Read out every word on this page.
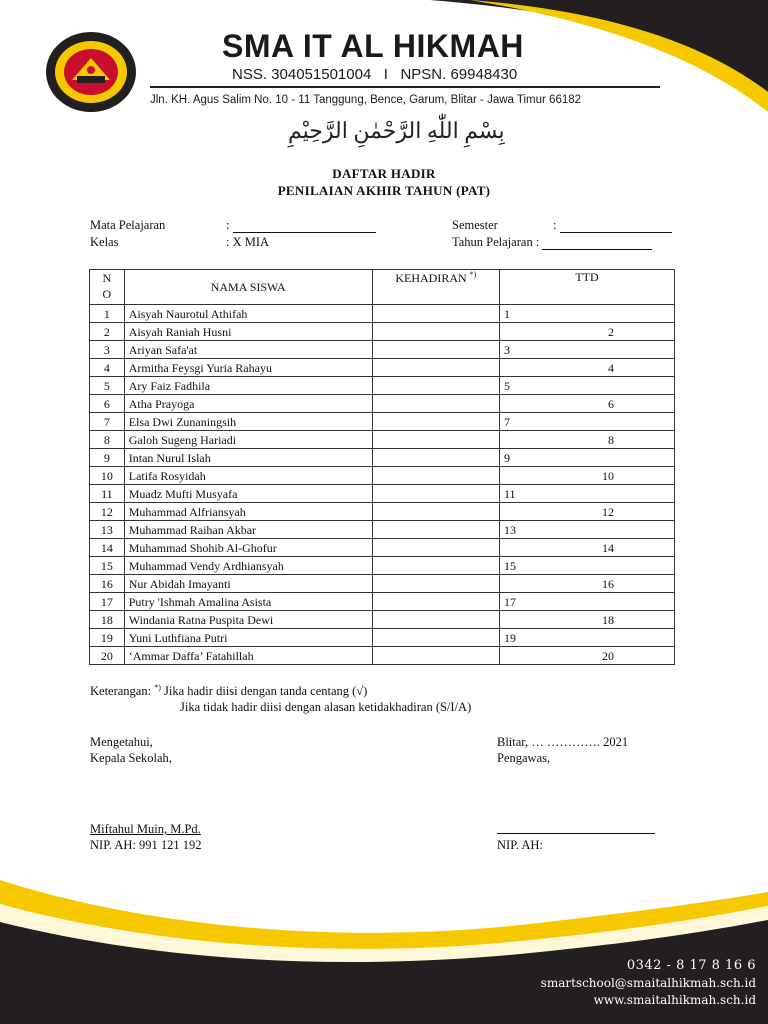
SMA IT AL HIKMAH
NSS. 304051501004   I   NPSN. 69948430
Jln. KH. Agus Salim No. 10 - 11 Tanggung, Bence, Garum, Blitar - Jawa Timur 66182
بِسْمِ اللّٰهِ الرَّحْمٰنِ الرَّحِيْمِ
DAFTAR HADIR
PENILAIAN AKHIR TAHUN (PAT)
Mata Pelajaran	:
Kelas	: X MIA
Semester	:
Tahun Pelajaran :
N O	NAMA SISWA	KEHADIRAN *)	TTD
1	Aisyah Naurotul Athifah		1
2	Aisyah Raniah Husni		2
3	Ariyan Safa'at		3
4	Armitha Feysgi Yuria Rahayu		4
5	Ary Faiz Fadhila		5
6	Atha Prayoga		6
7	Elsa Dwi Zunaningsih		7
8	Galoh Sugeng Hariadi		8
9	Intan Nurul Islah		9
10	Latifa Rosyidah		10
11	Muadz Mufti Musyafa		11
12	Muhammad Alfriansyah		12
13	Muhammad Raihan Akbar		13
14	Muhammad Shohib Al-Ghofur		14
15	Muhammad Vendy Ardhiansyah		15
16	Nur Abidah Imayanti		16
17	Putry 'Ishmah Amalina Asista		17
18	Windania Ratna Puspita Dewi		18
19	Yuni Luthfiana Putri		19
20	‘Ammar Daffa’ Fatahillah		20
Keterangan: *) Jika hadir diisi dengan tanda centang (√)
Jika tidak hadir diisi dengan alasan ketidakhadiran (S/I/A)
Mengetahui,
Kepala Sekolah,
Miftahul Muin, M.Pd.
NIP. AH: 991 121 192
Blitar, … …………. 2021
Pengawas,
NIP. AH:
0342 - 8 17 8 16 6
smartschool@smaitalhikmah.sch.id
www.smaitalhikmah.sch.id
